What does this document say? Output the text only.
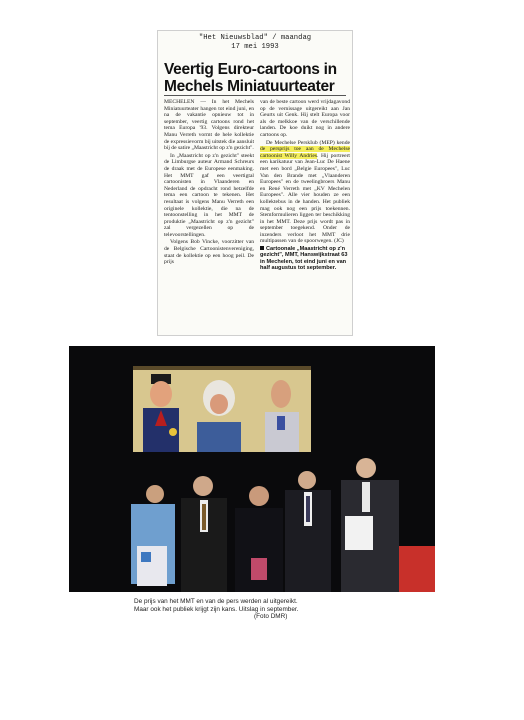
"Het Nieuwsblad" / maandag
17 mei 1993
Veertig Euro-cartoons in Mechels Miniatuurteater

MECHELEN — In het Mechels Miniatuurteater hangen tot eind juni, en na de vakantie opnieuw tot in september, veertig cartoons rond het tema Europa '93. Volgens direkteur Manu Verreth vormt de hele kollektie de expressievorm bij uitstek die aansluit bij de satire „Maastricht op z'n gezicht".

In „Maastricht op z'n gezicht" steekt de Limburgse auteur Armand Schreurs de draak met de Europese eenmaking. Het MMT gaf een veertigtal cartoonisten in Vlaanderen en Nederland de opdracht rond hetzelfde tema een cartoon te tekenen. Het resultaat is volgens Manu Verreth een originele kollektie, die na de tentoonstelling in het MMT de produktie „Maastricht op z'n gezicht" zal vergezellen op de televoorstellingen.

Volgens Bob Vincke, voorzitter van de Belgische Cartoonistenvereniging, staat de kollektie op een hoog peil. De prijs

van de beste cartoon werd vrijdagavond op de vernissage uitgereikt aan Jan Geurts uit Genk. Hij stelt Europa voor als de melkkoe van de verschillende landen. De koe duikt nog in andere cartoons op.

De Mechelse PerskIub (MEP) kende de persprijs toe aan de Mechelse cartoonist Willy Andries. Hij portreert een karikatuur van Jean-Luc De Haene met een bord „Belgie Europees", Luc Van den Brande met „Vlaanderen Europees" en de tweelingbroers Manu en René Verreth met „KV Mechelen Europees". Alle vier houden ze een kollektebus in de handen. Het publiek mag ook nog een prijs toekennen. Stemformulieren liggen ter beschikking in het MMT. Deze prijs wordt pas in september toegekend. Onder de inzenders verloot het MMT drie multipassen van de spoorwegen. (JC)

Cartoonale „Maastricht op z'n gezicht", MMT, Hanswijkstraat 63 in Mechelen, tot eind juni en van half augustus tot september.

De prijs van het MMT en van de pers werden al uitgereikt.
Maar ook het publiek krijgt zijn kans. Uitslag in september.

(Foto DMR)
